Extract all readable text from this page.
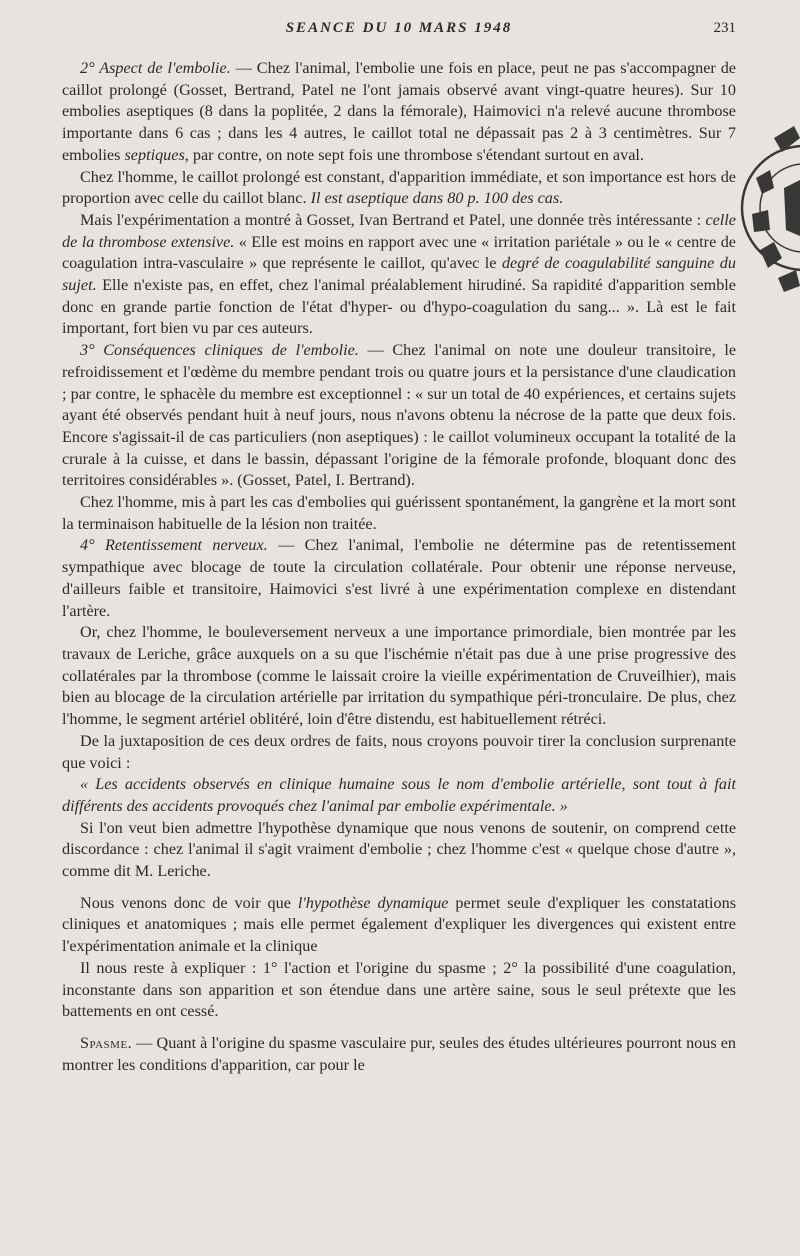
SEANCE DU 10 MARS 1948	231

2° Aspect de l'embolie. — Chez l'animal, l'embolie une fois en place, peut ne pas s'accompagner de caillot prolongé (Gosset, Bertrand, Patel ne l'ont jamais observé avant vingt-quatre heures). Sur 10 embolies aseptiques (8 dans la poplitée, 2 dans la fémorale), Haimovici n'a relevé aucune thrombose importante dans 6 cas ; dans les 4 autres, le caillot total ne dépassait pas 2 à 3 centimètres. Sur 7 embolies septiques, par contre, on note sept fois une thrombose s'étendant surtout en aval.

Chez l'homme, le caillot prolongé est constant, d'apparition immédiate, et son importance est hors de proportion avec celle du caillot blanc. Il est aseptique dans 80 p. 100 des cas.

Mais l'expérimentation a montré à Gosset, Ivan Bertrand et Patel, une donnée très intéressante : celle de la thrombose extensive. « Elle est moins en rapport avec une « irritation pariétale » ou le « centre de coagulation intra-vasculaire » que représente le caillot, qu'avec le degré de coagulabilité sanguine du sujet. Elle n'existe pas, en effet, chez l'animal préalablement hirudiné. Sa rapidité d'apparition semble donc en grande partie fonction de l'état d'hyper- ou d'hypo-coagulation du sang... ». Là est le fait important, fort bien vu par ces auteurs.

3° Conséquences cliniques de l'embolie. — Chez l'animal on note une douleur transitoire, le refroidissement et l'œdème du membre pendant trois ou quatre jours et la persistance d'une claudication ; par contre, le sphacèle du membre est exceptionnel : « sur un total de 40 expériences, et certains sujets ayant été observés pendant huit à neuf jours, nous n'avons obtenu la nécrose de la patte que deux fois. Encore s'agissait-il de cas particuliers (non aseptiques) : le caillot volumineux occupant la totalité de la crurale à la cuisse, et dans le bassin, dépassant l'origine de la fémorale profonde, bloquant donc des territoires considérables ». (Gosset, Patel, I. Bertrand).

Chez l'homme, mis à part les cas d'embolies qui guérissent spontanément, la gangrène et la mort sont la terminaison habituelle de la lésion non traitée.

4° Retentissement nerveux. — Chez l'animal, l'embolie ne détermine pas de retentissement sympathique avec blocage de toute la circulation collatérale. Pour obtenir une réponse nerveuse, d'ailleurs faible et transitoire, Haimovici s'est livré à une expérimentation complexe en distendant l'artère.

Or, chez l'homme, le bouleversement nerveux a une importance primordiale, bien montrée par les travaux de Leriche, grâce auxquels on a su que l'ischémie n'était pas due à une prise progressive des collatérales par la thrombose (comme le laissait croire la vieille expérimentation de Cruveilhier), mais bien au blocage de la circulation artérielle par irritation du sympathique péri-tronculaire. De plus, chez l'homme, le segment artériel oblitéré, loin d'être distendu, est habituellement rétréci.

De la juxtaposition de ces deux ordres de faits, nous croyons pouvoir tirer la conclusion surprenante que voici :

« Les accidents observés en clinique humaine sous le nom d'embolie artérielle, sont tout à fait différents des accidents provoqués chez l'animal par embolie expérimentale. »

Si l'on veut bien admettre l'hypothèse dynamique que nous venons de soutenir, on comprend cette discordance : chez l'animal il s'agit vraiment d'embolie ; chez l'homme c'est « quelque chose d'autre », comme dit M. Leriche.

Nous venons donc de voir que l'hypothèse dynamique permet seule d'expliquer les constatations cliniques et anatomiques ; mais elle permet également d'expliquer les divergences qui existent entre l'expérimentation animale et la clinique

Il nous reste à expliquer : 1° l'action et l'origine du spasme ; 2° la possibilité d'une coagulation, inconstante dans son apparition et son étendue dans une artère saine, sous le seul prétexte que les battements en ont cessé.

Spasme. — Quant à l'origine du spasme vasculaire pur, seules des études ultérieures pourront nous en montrer les conditions d'apparition, car pour le
